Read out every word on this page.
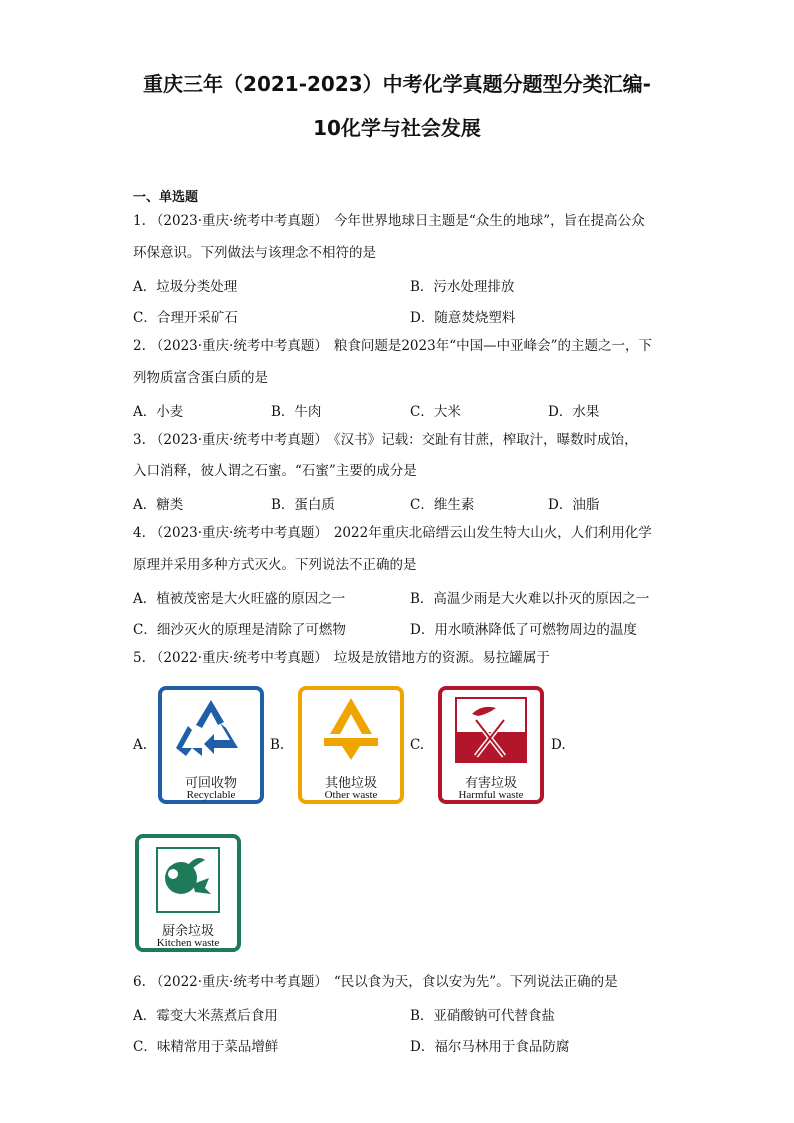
重庆三年（2021-2023）中考化学真题分题型分类汇编-
10化学与社会发展
一、单选题
1. （2023·重庆·统考中考真题） 今年世界地球日主题是“众生的地球”，旨在提高公众
环保意识。下列做法与该理念不相符的是
A．垃圾分类处理	B．污水处理排放
C．合理开采矿石	D．随意焚烧塑料
2. （2023·重庆·统考中考真题） 粮食问题是2023年“中国—中亚峰会”的主题之一，下
列物质富含蛋白质的是
A．小麦	B．牛肉	C．大米	D．水果
3. （2023·重庆·统考中考真题） 《汉书》记载：交趾有甘蔗，榨取汁，曝数时成饴，
入口消释，彼人谓之石蜜。“石蜜”主要的成分是
A．糖类	B．蛋白质	C．维生素	D．油脂
4. （2023·重庆·统考中考真题） 2022年重庆北碚缙云山发生特大山火，人们利用化学
原理并采用多种方式灭火。下列说法不正确的是
A．植被茂密是大火旺盛的原因之一	B．高温少雨是大火难以扑灭的原因之一
C．细沙灭火的原理是清除了可燃物	D．用水喷淋降低了可燃物周边的温度
5. （2022·重庆·统考中考真题） 垃圾是放错地方的资源。易拉罐属于
A.
可回收物
Recyclable
B.
其他垃圾
Other waste
C.
有害垃圾
Harmful waste
D.
厨余垃圾
Kitchen waste
6. （2022·重庆·统考中考真题） “民以食为天，食以安为先”。下列说法正确的是
A．霉变大米蒸煮后食用	B．亚硝酸钠可代替食盐
C．味精常用于菜品增鲜	D．福尔马林用于食品防腐
